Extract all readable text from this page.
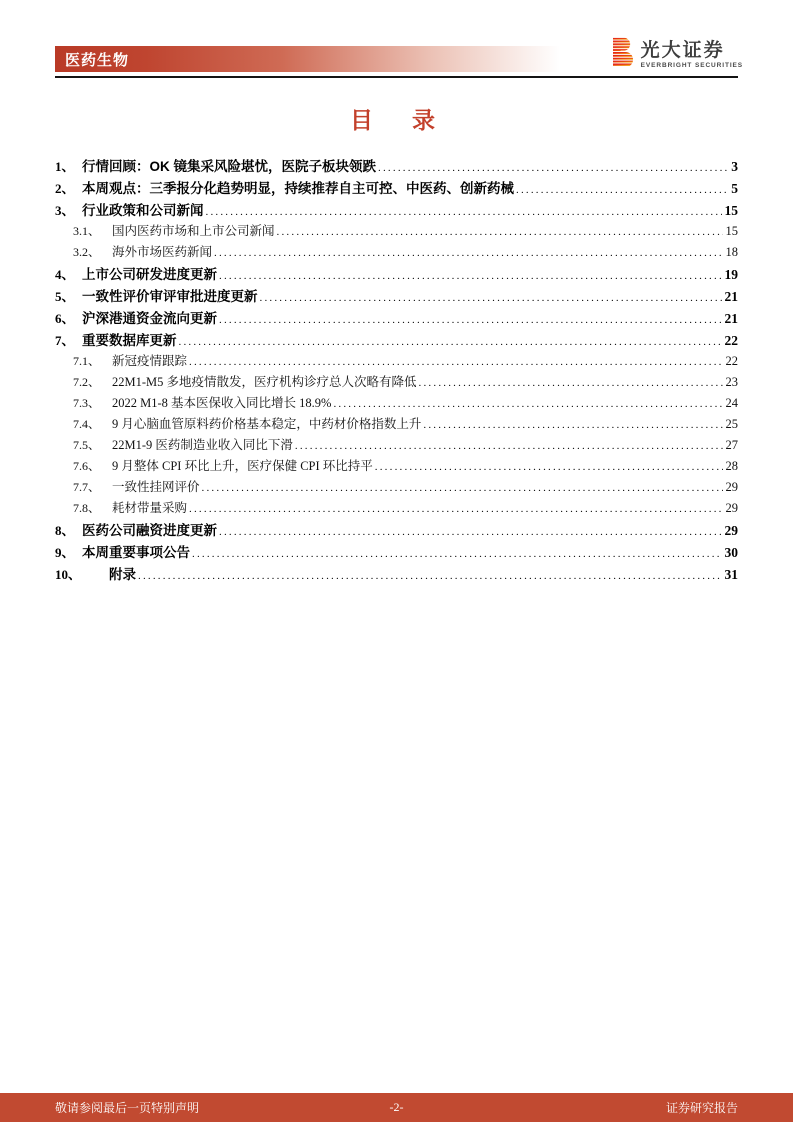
医药生物	光大证券
EVERBRIGHT SECURITIES
目　录
1、 行情回顾：OK 镜集采风险堪忧，医院子板块领跌 .....	3
2、 本周观点：三季报分化趋势明显，持续推荐自主可控、中医药、创新药械 .....	5
3、 行业政策和公司新闻 .....	15
3.1、 国内医药市场和上市公司新闻 .....	15
3.2、 海外市场医药新闻 .....	18
4、 上市公司研发进度更新 .....	19
5、 一致性评价审评审批进度更新 .....	21
6、 沪深港通资金流向更新 .....	21
7、 重要数据库更新 .....	22
7.1、 新冠疫情跟踪 .....	22
7.2、 22M1-M5 多地疫情散发，医疗机构诊疗总人次略有降低 .....	23
7.3、 2022 M1-8 基本医保收入同比增长 18.9% .....	24
7.4、 9 月心脑血管原料药价格基本稳定，中药材价格指数上升 .....	25
7.5、 22M1-9 医药制造业收入同比下滑 .....	27
7.6、 9 月整体 CPI 环比上升，医疗保健 CPI 环比持平 .....	28
7.7、 一致性挂网评价 .....	29
7.8、 耗材带量采购 .....	29
8、 医药公司融资进度更新 .....	29
9、 本周重要事项公告 .....	30
10、	附录 .....	31
敬请参阅最后一页特别声明	-2-	证券研究报告
